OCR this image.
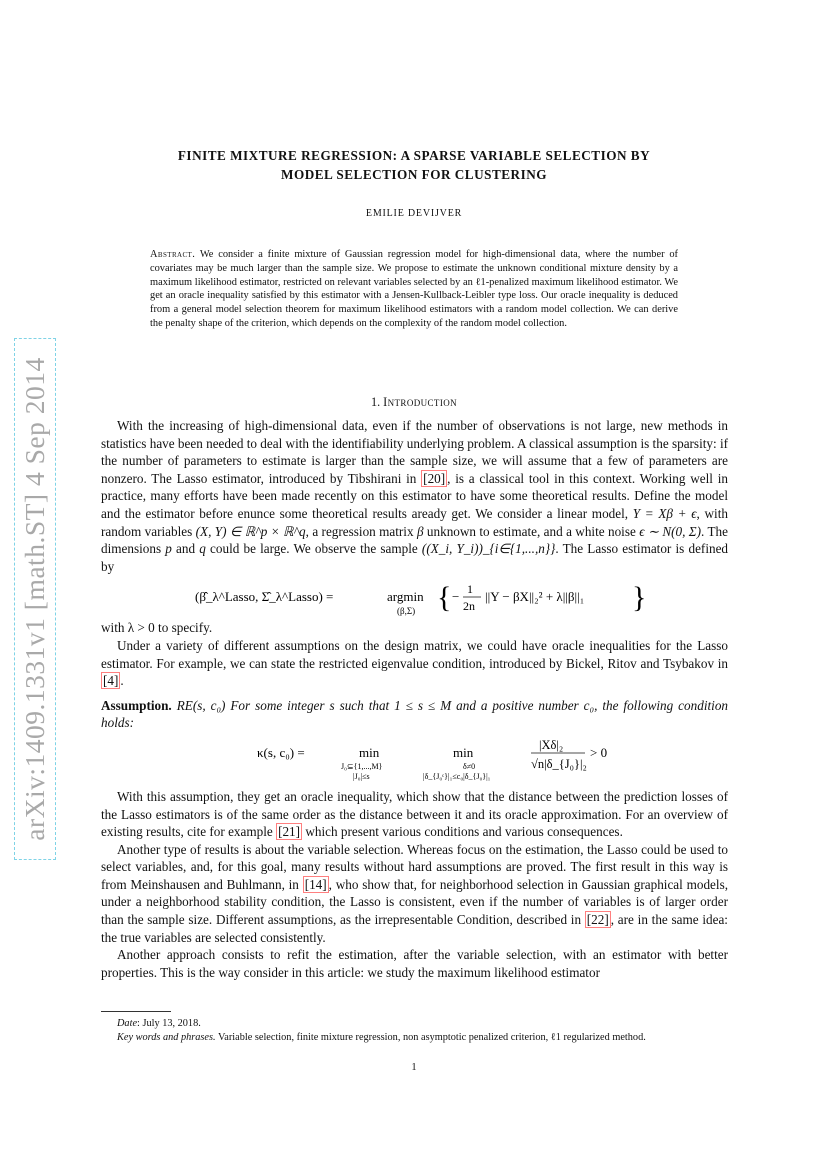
arXiv:1409.1331v1 [math.ST] 4 Sep 2014
FINITE MIXTURE REGRESSION: A SPARSE VARIABLE SELECTION BY
MODEL SELECTION FOR CLUSTERING
EMILIE DEVIJVER
Abstract. We consider a finite mixture of Gaussian regression model for high-dimensional data, where the number of covariates may be much larger than the sample size. We propose to estimate the unknown conditional mixture density by a maximum likelihood estimator, restricted on relevant variables selected by an ℓ1-penalized maximum likelihood estimator. We get an oracle inequality satisfied by this estimator with a Jensen-Kullback-Leibler type loss. Our oracle inequality is deduced from a general model selection theorem for maximum likelihood estimators with a random model collection. We can derive the penalty shape of the criterion, which depends on the complexity of the random model collection.
1. Introduction

With the increasing of high-dimensional data, even if the number of observations is not large, new methods in statistics have been needed to deal with the identifiability underlying problem. A classical assumption is the sparsity: if the number of parameters to estimate is larger than the sample size, we will assume that a few of parameters are nonzero. The Lasso estimator, introduced by Tibshirani in [20] , is a classical tool in this context. Working well in practice, many efforts have been made recently on this estimator to have some theoretical results. Define the model and the estimator before enunce some theoretical results aready get. We consider a linear model, Y = Xβ + ϵ, with random variables (X, Y) ∈ ℝ^p × ℝ^q, a regression matrix β unknown to estimate, and a white noise ϵ ∼ N(0, Σ). The dimensions p and q could be large. We observe the sample ((X_i, Y_i))_{i∈{1,...,n}}. The Lasso estimator is defined by

(β̂_λ^Lasso, Σ̂_λ^Lasso) =	argmin
(β,Σ) { − 1
2n
||Y − βX||₂² + λ||β||₁ }

with λ > 0 to specify.

Under a variety of different assumptions on the design matrix, we could have oracle inequalities for the Lasso estimator. For example, we can state the restricted eigenvalue condition, introduced by Bickel, Ritov and Tsybakov in [4] .

Assumption. RE(s, c₀) For some integer s such that 1 ≤ s ≤ M and a positive number c₀, the following condition holds:

κ(s, c₀) =	min
J₀⊆{1,...,M}
|J₀|≤s
min
δ≠0
|δ_{J₀ᶜ}|₁≤c₀|δ_{J₀}|₁
|Xδ|₂
√n|δ_{J₀}|₂
> 0

With this assumption, they get an oracle inequality, which show that the distance between the prediction losses of the Lasso estimators is of the same order as the distance between it and its oracle approximation. For an overview of existing results, cite for example [21] which present various conditions and various consequences.

Another type of results is about the variable selection. Whereas focus on the estimation, the Lasso could be used to select variables, and, for this goal, many results without hard assumptions are proved. The first result in this way is from Meinshausen and Buhlmann, in [14] , who show that, for neighborhood selection in Gaussian graphical models, under a neighborhood stability condition, the Lasso is consistent, even if the number of variables is of larger order than the sample size. Different assumptions, as the irrepresentable Condition, described in [22] , are in the same idea: the true variables are selected consistently.

Another approach consists to refit the estimation, after the variable selection, with an estimator with better properties. This is the way consider in this article: we study the maximum likelihood estimator

Date: July 13, 2018.

Key words and phrases. Variable selection, finite mixture regression, non asymptotic penalized criterion, ℓ1 regularized method.

1
